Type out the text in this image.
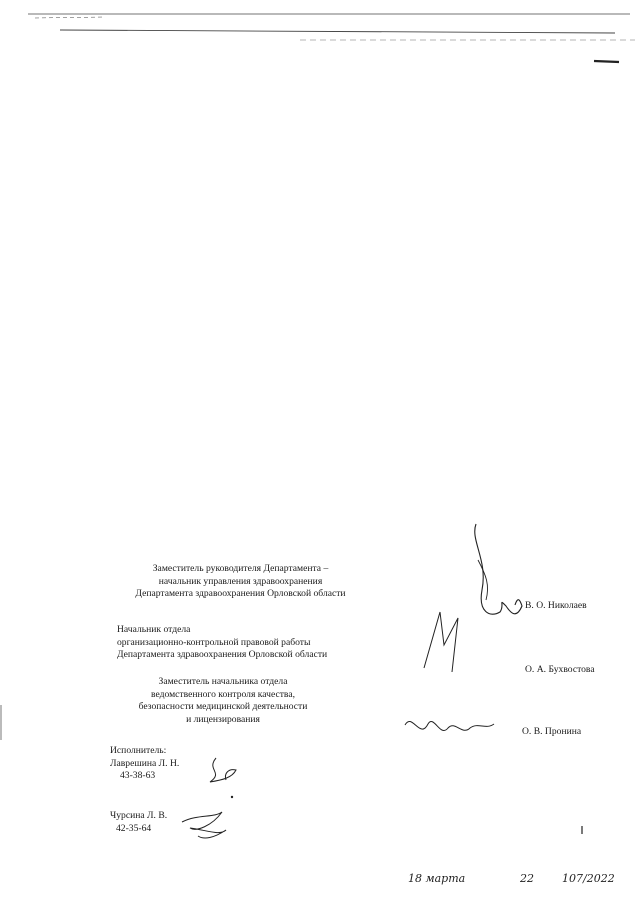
Заместитель руководителя Департамента –
начальник управления здравоохранения
Департамента здравоохранения Орловской области
В. О. Николаев
Начальник отдела
организационно-контрольной правовой работы
Департамента здравоохранения Орловской области
О. А. Бухвостова
Заместитель начальника отдела
ведомственного контроля качества,
безопасности медицинской деятельности
и лицензирования
О. В. Пронина
Исполнитель:
Лаврешина Л. Н.
43-38-63
Чурсина Л. В.
42-35-64
18 марта	22	107/2022
